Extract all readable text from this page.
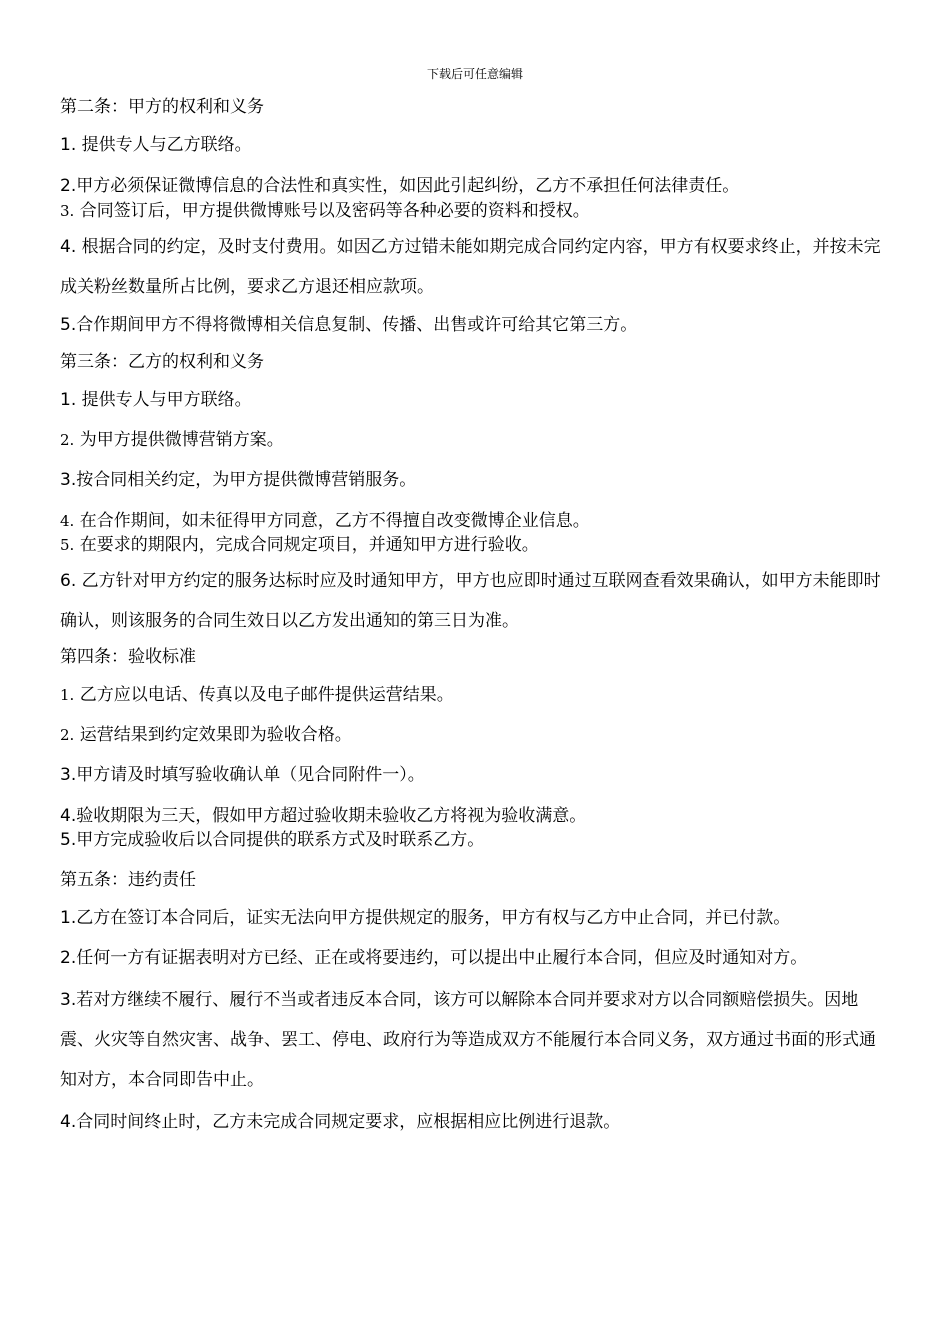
下载后可任意编辑

第二条：甲方的权利和义务

1. 提供专人与乙方联络。

2.甲方必须保证微博信息的合法性和真实性，如因此引起纠纷，乙方不承担任何法律责任。

3. 合同签订后，甲方提供微博账号以及密码等各种必要的资料和授权。

4. 根据合同的约定，及时支付费用。如因乙方过错未能如期完成合同约定内容，甲方有权要求终止，并按未完成关粉丝数量所占比例，要求乙方退还相应款项。

5.合作期间甲方不得将微博相关信息复制、传播、出售或许可给其它第三方。

第三条：乙方的权利和义务

1. 提供专人与甲方联络。

2. 为甲方提供微博营销方案。

3.按合同相关约定，为甲方提供微博营销服务。

4. 在合作期间，如未征得甲方同意，乙方不得擅自改变微博企业信息。

5. 在要求的期限内，完成合同规定项目，并通知甲方进行验收。

6. 乙方针对甲方约定的服务达标时应及时通知甲方，甲方也应即时通过互联网查看效果确认，如甲方未能即时确认，则该服务的合同生效日以乙方发出通知的第三日为准。

第四条：验收标准

1. 乙方应以电话、传真以及电子邮件提供运营结果。

2. 运营结果到约定效果即为验收合格。

3.甲方请及时填写验收确认单（见合同附件一）。

4.验收期限为三天，假如甲方超过验收期未验收乙方将视为验收满意。

5.甲方完成验收后以合同提供的联系方式及时联系乙方。

第五条：违约责任

1.乙方在签订本合同后，证实无法向甲方提供规定的服务，甲方有权与乙方中止合同，并已付款。

2.任何一方有证据表明对方已经、正在或将要违约，可以提出中止履行本合同，但应及时通知对方。

3.若对方继续不履行、履行不当或者违反本合同，该方可以解除本合同并要求对方以合同额赔偿损失。因地震、火灾等自然灾害、战争、罢工、停电、政府行为等造成双方不能履行本合同义务，双方通过书面的形式通知对方，本合同即告中止。

4.合同时间终止时，乙方未完成合同规定要求，应根据相应比例进行退款。
